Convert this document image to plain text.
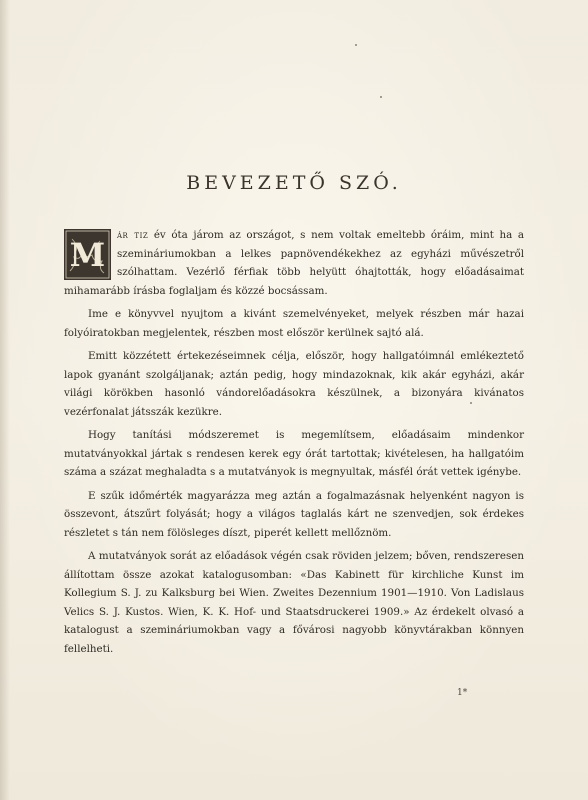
BEVEZETŐ SZÓ.

M
ár tiz év óta járom az országot, s nem voltak emeltebb óráim, mint ha a szemináriumokban a lelkes papnövendékekhez az egyházi művészetről szólhattam. Vezérlő férfiak több helyütt óhajtották, hogy előadásaimat mihamarább írásba foglaljam és közzé bocsássam.

Ime e könyvvel nyujtom a kivánt szemelvényeket, melyek részben már hazai folyóiratokban megjelentek, részben most először kerülnek sajtó alá.

Emitt közzétett értekezéseimnek célja, először, hogy hallgatóimnál emlékeztető lapok gyanánt szolgáljanak; aztán pedig, hogy mindazoknak, kik akár egyházi, akár világi körökben hasonló vándorelőadásokra készülnek, a bizonyára kivánatos vezérfonalat játsszák kezükre.

Hogy tanítási módszeremet is megemlítsem, előadásaim mindenkor mutatványokkal jártak s rendesen kerek egy órát tartottak; kivételesen, ha hallgatóim száma a százat meghaladta s a mutatványok is megnyultak, másfél órát vettek igénybe.

E szűk időmérték magyarázza meg aztán a fogalmazásnak helyenként nagyon is összevont, átszűrt folyását; hogy a világos taglalás kárt ne szenvedjen, sok érdekes részletet s tán nem fölösleges díszt, piperét kellett mellőznöm.

A mutatványok sorát az előadások végén csak röviden jelzem; bőven, rendszeresen állítottam össze azokat katalogusomban: «Das Kabinett für kirchliche Kunst im Kollegium S. J. zu Kalksburg bei Wien. Zweites Dezennium 1901—1910. Von Ladislaus Velics S. J. Kustos. Wien, K. K. Hof- und Staatsdruckerei 1909.» Az érdekelt olvasó a katalogust a szemináriumokban vagy a fővárosi nagyobb könyvtárakban könnyen fellelheti.

1*
